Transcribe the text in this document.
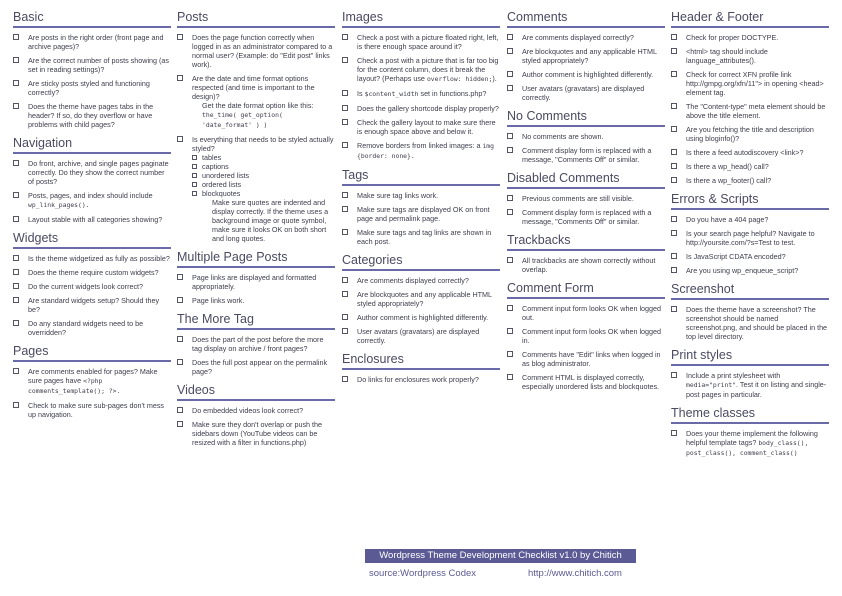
Basic
Are posts in the right order (front page and archive pages)?
Are the correct number of posts showing (as set in reading settings)?
Are sticky posts styled and functioning correctly?
Does the theme have pages tabs in the header? If so, do they overflow or have problems with child pages?
Navigation
Do front, archive, and single pages paginate correctly. Do they show the correct number of posts?
Posts, pages, and index should include wp_link_pages().
Layout stable with all categories showing?
Widgets
Is the theme widgetized as fully as possible?
Does the theme require custom widgets?
Do the current widgets look correct?
Are standard widgets setup? Should they be?
Do any standard widgets need to be overridden?
Pages
Are comments enabled for pages? Make sure pages have <?php comments_template(); ?>.
Check to make sure sub-pages don't mess up navigation.
Posts
Does the page function correctly when logged in as an administrator compared to a normal user? (Example: do "Edit post" links work).
Are the date and time format options respected (and time is important to the design)?
Get the date format option like this: the_time( get_option( 'date_format' ) )
Is everything that needs to be styled actually styled?
tables
captions
unordered lists
ordered lists
blockquotes
Make sure quotes are indented and display correctly. If the theme uses a background image or quote symbol, make sure it looks OK on both short and long quotes.
Multiple Page Posts
Page links are displayed and formatted appropriately.
Page links work.
The More Tag
Does the part of the post before the more tag display on archive / front pages?
Does the full post appear on the permalink page?
Videos
Do embedded videos look correct?
Make sure they don't overlap or push the sidebars down (YouTube videos can be resized with a filter in functions.php)
Images
Check a post with a picture floated right, left, is there enough space around it?
Check a post with a picture that is far too big for the content column, does it break the layout? (Perhaps use overflow: hidden;).
Is $content_width set in functions.php?
Does the gallery shortcode display properly?
Check the gallery layout to make sure there is enough space above and below it.
Remove borders from linked images: a img {border: none}.
Tags
Make sure tag links work.
Make sure tags are displayed OK on front page and permalink page.
Make sure tags and tag links are shown in each post.
Categories
Are comments displayed correctly?
Are blockquotes and any applicable HTML styled appropriately?
Author comment is highlighted differently.
User avatars (gravatars) are displayed correctly.
Enclosures
Do links for enclosures work properly?
Comments
Are comments displayed correctly?
Are blockquotes and any applicable HTML styled appropriately?
Author comment is highlighted differently.
User avatars (gravatars) are displayed correctly.
No Comments
No comments are shown.
Comment display form is replaced with a message, "Comments Off" or similar.
Disabled Comments
Previous comments are still visible.
Comment display form is replaced with a message, "Comments Off" or similar.
Trackbacks
All trackbacks are shown correctly without overlap.
Comment Form
Comment input form looks OK when logged out.
Comment input form looks OK when logged in.
Comments have "Edit" links when logged in as blog administrator.
Comment HTML is displayed correctly, especially unordered lists and blockquotes.
Header & Footer
Check for proper DOCTYPE.
<html> tag should include language_attributes().
Check for correct XFN profile link http://gmpg.org/xfn/11"> in opening <head> element tag.
The "Content-type" meta element should be above the title element.
Are you fetching the title and description using bloginfo()?
Is there a feed autodiscovery <link>?
Is there a wp_head() call?
Is there a wp_footer() call?
Errors & Scripts
Do you have a 404 page?
Is your search page helpful? Navigate to http://yoursite.com/?s=Test to test.
Is JavaScript CDATA encoded?
Are you using wp_enqueue_script?
Screenshot
Does the theme have a screenshot? The screenshot should be named screenshot.png, and should be placed in the top level directory.
Print styles
Include a print stylesheet with media="print". Test it on listing and single-post pages in particular.
Theme classes
Does your theme implement the following helpful template tags? body_class(), post_class(), comment_class()
Wordpress Theme Development Checklist v1.0 by Chitich
source:Wordpress Codex	http://www.chitich.com
